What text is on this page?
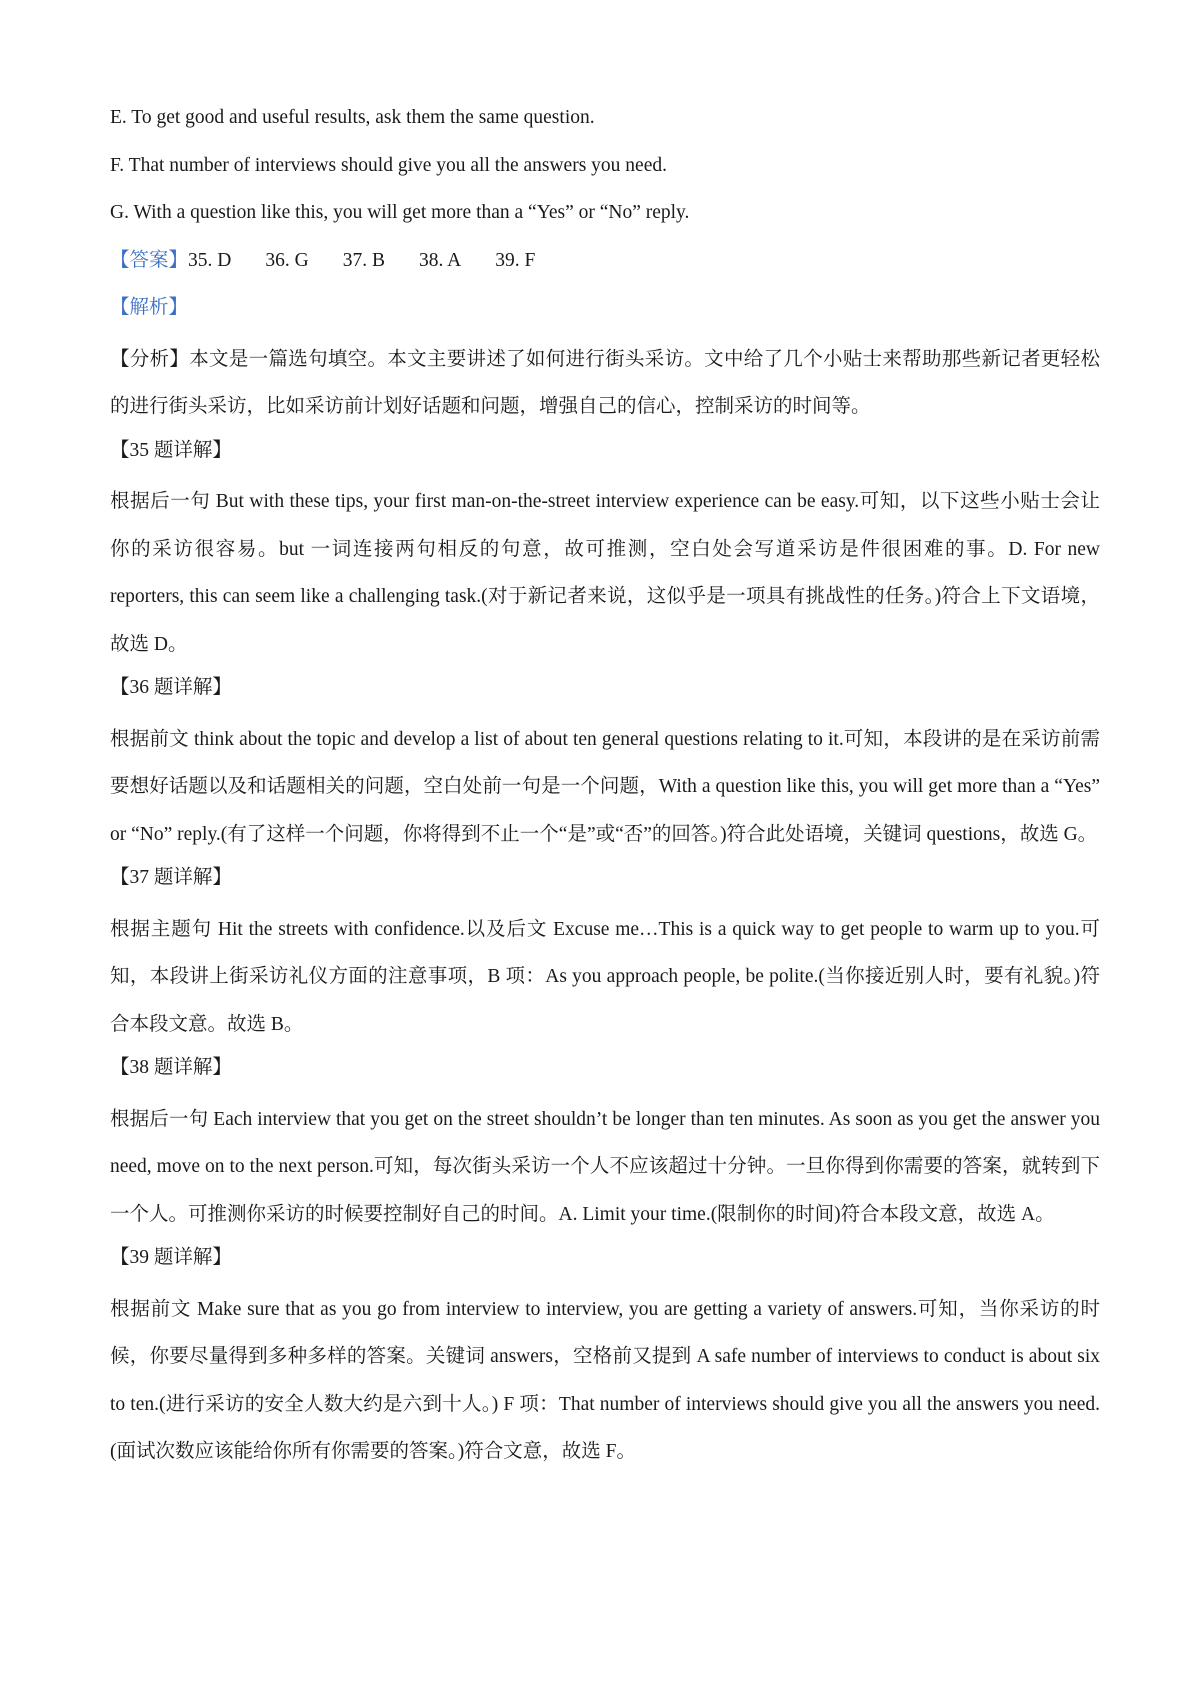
E. To get good and useful results, ask them the same question.
F. That number of interviews should give you all the answers you need.
G. With a question like this, you will get more than a “Yes” or “No” reply.
【答案】35. D 36. G 37. B 38. A 39. F
【解析】
【分析】本文是一篇选句填空。本文主要讲述了如何进行街头采访。文中给了几个小贴士来帮助那些新记者更轻松的进行街头采访，比如采访前计划好话题和问题，增强自己的信心，控制采访的时间等。
【35 题详解】
根据后一句 But with these tips, your first man-on-the-street interview experience can be easy.可知，以下这些小贴士会让你的采访很容易。but 一词连接两句相反的句意，故可推测，空白处会写道采访是件很困难的事。D. For new reporters, this can seem like a challenging task.(对于新记者来说，这似乎是一项具有挑战性的任务。)符合上下文语境，故选 D。
【36 题详解】
根据前文 think about the topic and develop a list of about ten general questions relating to it.可知，本段讲的是在采访前需要想好话题以及和话题相关的问题，空白处前一句是一个问题，With a question like this, you will get more than a “Yes” or “No” reply.(有了这样一个问题，你将得到不止一个“是”或“否”的回答。)符合此处语境，关键词 questions，故选 G。
【37 题详解】
根据主题句 Hit the streets with confidence.以及后文 Excuse me…This is a quick way to get people to warm up to you.可知，本段讲上街采访礼仪方面的注意事项，B 项：As you approach people, be polite.(当你接近别人时，要有礼貌。)符合本段文意。故选 B。
【38 题详解】
根据后一句 Each interview that you get on the street shouldn’t be longer than ten minutes. As soon as you get the answer you need, move on to the next person.可知，每次街头采访一个人不应该超过十分钟。一旦你得到你需要的答案，就转到下一个人。可推测你采访的时候要控制好自己的时间。A. Limit your time.(限制你的时间)符合本段文意，故选 A。
【39 题详解】
根据前文 Make sure that as you go from interview to interview, you are getting a variety of answers.可知，当你采访的时候，你要尽量得到多种多样的答案。关键词 answers，空格前又提到 A safe number of interviews to conduct is about six to ten.(进行采访的安全人数大约是六到十人。) F 项：That number of interviews should give you all the answers you need.(面试次数应该能给你所有你需要的答案。)符合文意，故选 F。
